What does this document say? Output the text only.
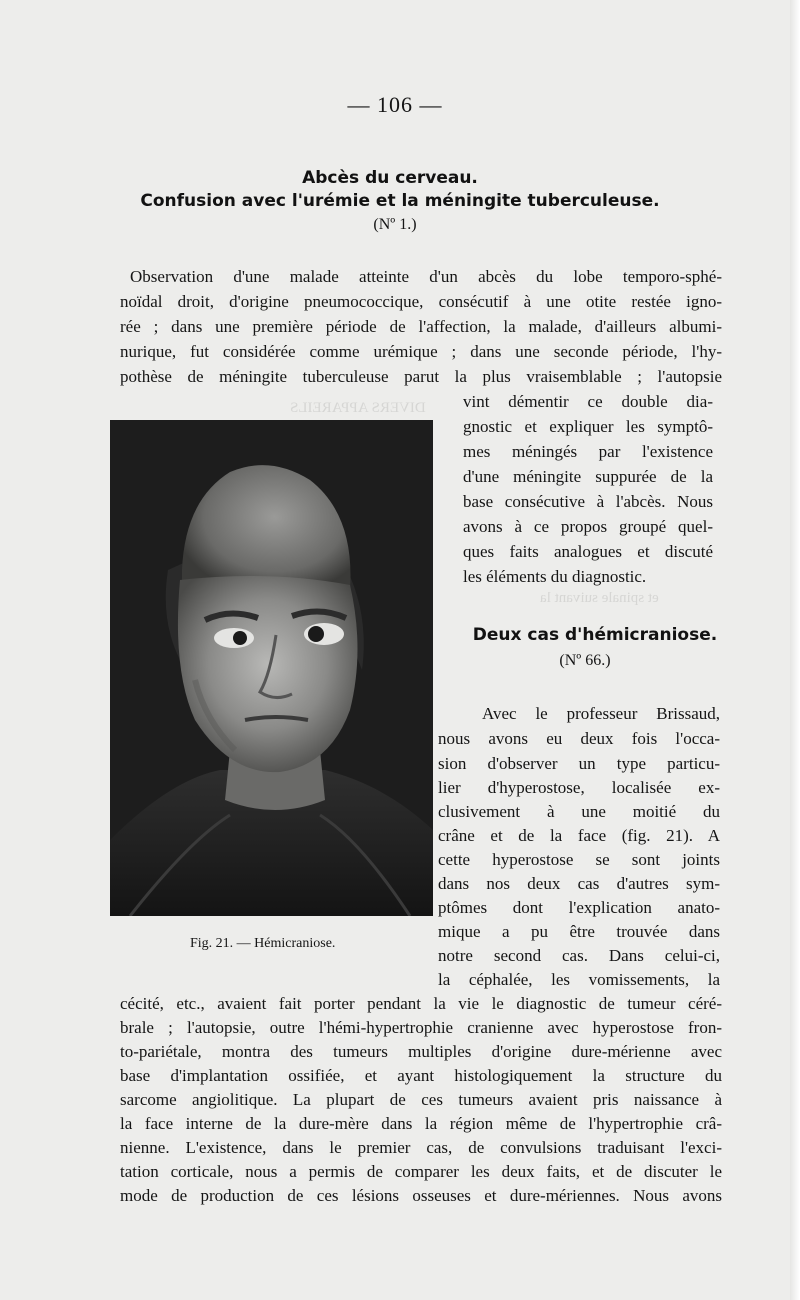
DIVERS APPAREILS
et spinale suivant la
— 106 —
Abcès du cerveau.
Confusion avec l'urémie et la méningite tuberculeuse.
(Nº 1.)
Observation d'une malade atteinte d'un abcès du lobe temporo-sphé-
noïdal droit, d'origine pneumococcique, consécutif à une otite restée igno-
rée ; dans une première période de l'affection, la malade, d'ailleurs albumi-
nurique, fut considérée comme urémique ; dans une seconde période, l'hy-
pothèse de méningite tuberculeuse parut la plus vraisemblable ; l'autopsie
vint démentir ce double dia-
gnostic et expliquer les symptô-
mes méningés par l'existence
d'une méningite suppurée de la
base consécutive à l'abcès. Nous
avons à ce propos groupé quel-
ques faits analogues et discuté
les éléments du diagnostic.
Fig. 21. — Hémicraniose.
Deux cas d'hémicraniose.
(Nº 66.)
Avec le professeur Brissaud,
nous avons eu deux fois l'occa-
sion d'observer un type particu-
lier d'hyperostose, localisée ex-
clusivement à une moitié du
crâne et de la face (fig. 21). A
cette hyperostose se sont joints
dans nos deux cas d'autres sym-
ptômes dont l'explication anato-
mique a pu être trouvée dans
notre second cas. Dans celui-ci,
la céphalée, les vomissements, la
cécité, etc., avaient fait porter pendant la vie le diagnostic de tumeur céré-
brale ; l'autopsie, outre l'hémi-hypertrophie cranienne avec hyperostose fron-
to-pariétale, montra des tumeurs multiples d'origine dure-mérienne avec
base d'implantation ossifiée, et ayant histologiquement la structure du
sarcome angiolitique. La plupart de ces tumeurs avaient pris naissance à
la face interne de la dure-mère dans la région même de l'hypertrophie crâ-
nienne. L'existence, dans le premier cas, de convulsions traduisant l'exci-
tation corticale, nous a permis de comparer les deux faits, et de discuter le
mode de production de ces lésions osseuses et dure-mériennes. Nous avons
